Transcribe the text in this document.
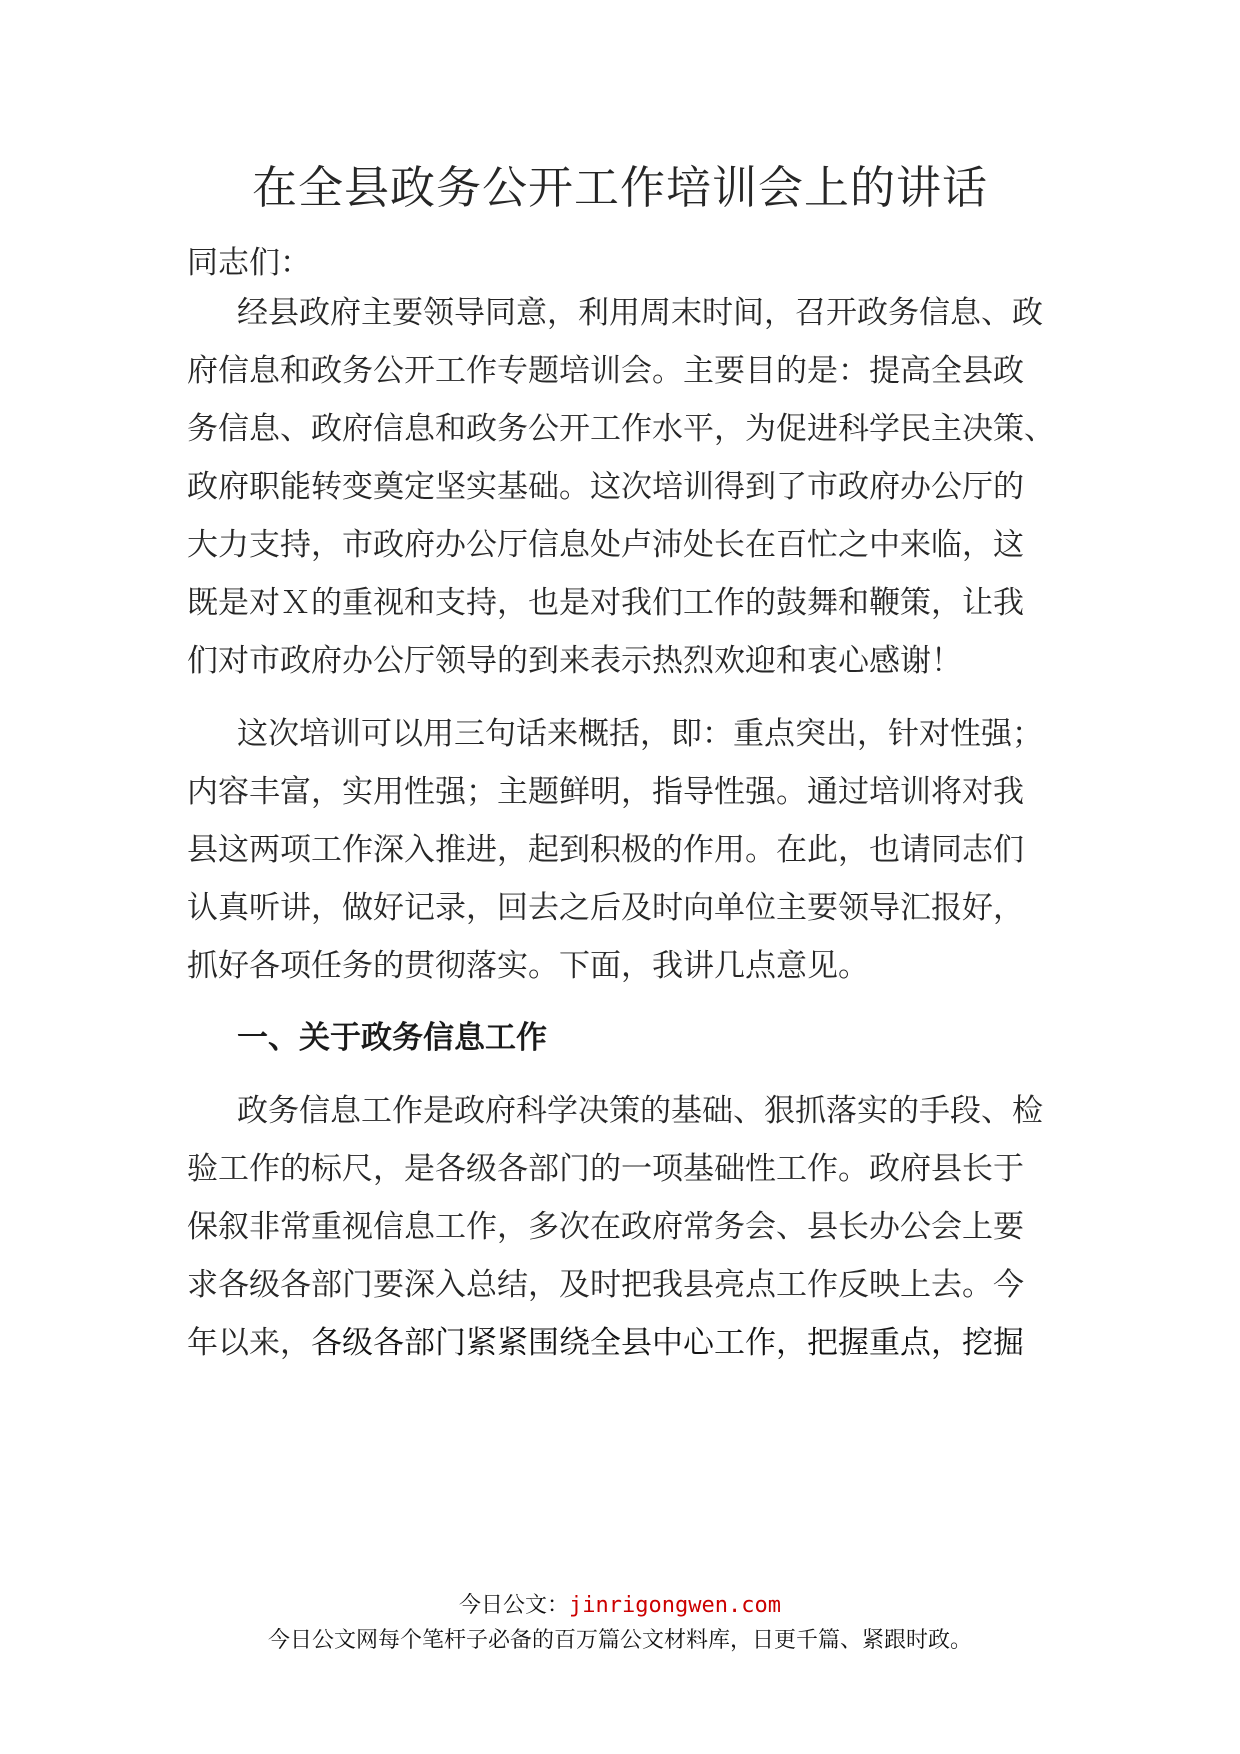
在全县政务公开工作培训会上的讲话
同志们：
经县政府主要领导同意，利用周末时间，召开政务信息、政
府信息和政务公开工作专题培训会。主要目的是：提高全县政
务信息、政府信息和政务公开工作水平，为促进科学民主决策、
政府职能转变奠定坚实基础。这次培训得到了市政府办公厅的
大力支持，市政府办公厅信息处卢沛处长在百忙之中来临，这
既是对Ｘ的重视和支持，也是对我们工作的鼓舞和鞭策，让我
们对市政府办公厅领导的到来表示热烈欢迎和衷心感谢！
这次培训可以用三句话来概括，即：重点突出，针对性强；
内容丰富，实用性强；主题鲜明，指导性强。通过培训将对我
县这两项工作深入推进，起到积极的作用。在此，也请同志们
认真听讲，做好记录，回去之后及时向单位主要领导汇报好，
抓好各项任务的贯彻落实。下面，我讲几点意见。
一、关于政务信息工作
政务信息工作是政府科学决策的基础、狠抓落实的手段、检
验工作的标尺，是各级各部门的一项基础性工作。政府县长于
保叙非常重视信息工作，多次在政府常务会、县长办公会上要
求各级各部门要深入总结，及时把我县亮点工作反映上去。今
年以来，各级各部门紧紧围绕全县中心工作，把握重点，挖掘
今日公文：jinrigongwen.com
今日公文网每个笔杆子必备的百万篇公文材料库，日更千篇、紧跟时政。
